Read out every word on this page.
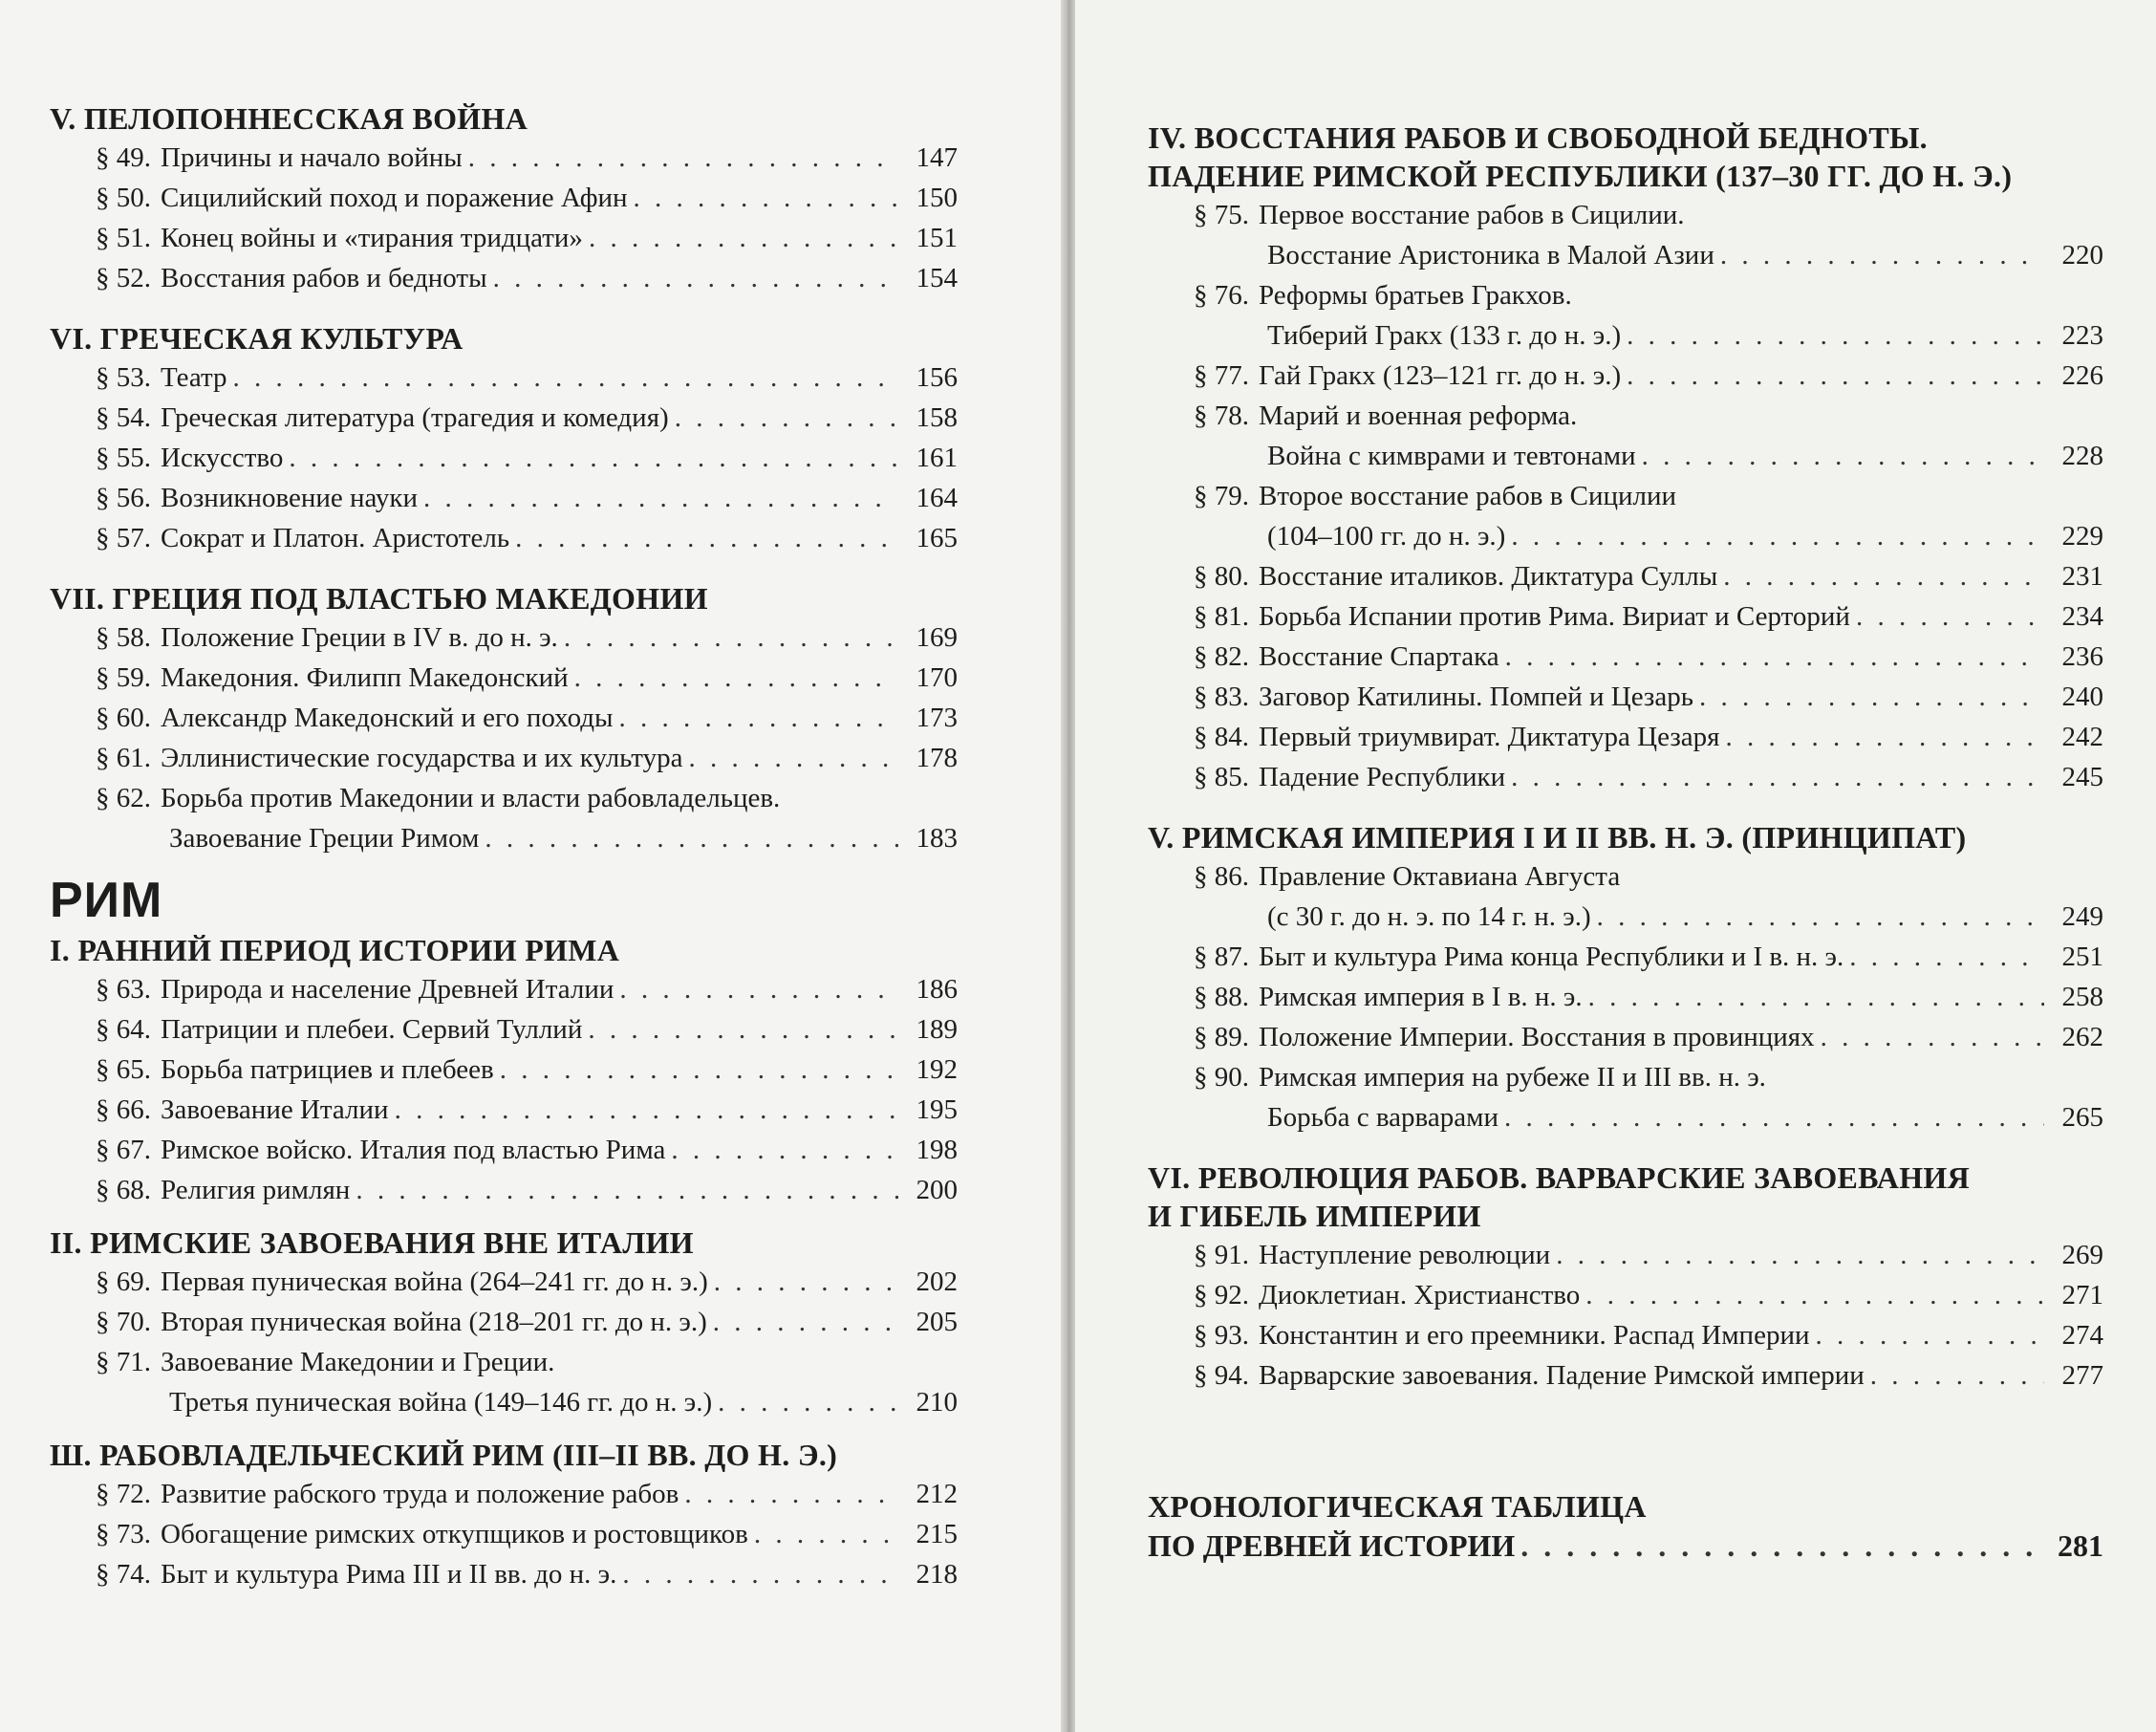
V. ПЕЛОПОННЕССКАЯ ВОЙНА
§ 49. Причины и начало войны . . .	147
§ 50. Сицилийский поход и поражение Афин . . .	150
§ 51. Конец войны и «тирания тридцати» . . .	151
§ 52. Восстания рабов и бедноты . . .	154
VI. ГРЕЧЕСКАЯ КУЛЬТУРА
§ 53. Театр . . .	156
§ 54. Греческая литература (трагедия и комедия) . . .	158
§ 55. Искусство . . .	161
§ 56. Возникновение науки . . .	164
§ 57. Сократ и Платон. Аристотель . . .	165
VII. ГРЕЦИЯ ПОД ВЛАСТЬЮ МАКЕДОНИИ
§ 58. Положение Греции в IV в. до н. э. . . .	169
§ 59. Македония. Филипп Македонский . . .	170
§ 60. Александр Македонский и его походы . . .	173
§ 61. Эллинистические государства и их культура . . .	178
§ 62. Борьба против Македонии и власти рабовладельцев.
Завоевание Греции Римом . . .	183
РИМ
I. РАННИЙ ПЕРИОД ИСТОРИИ РИМА
§ 63. Природа и население Древней Италии . . .	186
§ 64. Патриции и плебеи. Сервий Туллий . . .	189
§ 65. Борьба патрициев и плебеев . . .	192
§ 66. Завоевание Италии . . .	195
§ 67. Римское войско. Италия под властью Рима . . .	198
§ 68. Религия римлян . . .	200
II. РИМСКИЕ ЗАВОЕВАНИЯ ВНЕ ИТАЛИИ
§ 69. Первая пуническая война (264–241 гг. до н. э.) . . .	202
§ 70. Вторая пуническая война (218–201 гг. до н. э.) . . .	205
§ 71. Завоевание Македонии и Греции.
Третья пуническая война (149–146 гг. до н. э.) . . .	210
Ш. РАБОВЛАДЕЛЬЧЕСКИЙ РИМ (III–II ВВ. ДО Н. Э.)
§ 72. Развитие рабского труда и положение рабов . . .	212
§ 73. Обогащение римских откупщиков и ростовщиков . . .	215
§ 74. Быт и культура Рима III и II вв. до н. э. . . .	218
IV. ВОССТАНИЯ РАБОВ И СВОБОДНОЙ БЕДНОТЫ.
ПАДЕНИЕ РИМСКОЙ РЕСПУБЛИКИ (137–30 ГГ. ДО Н. Э.)
§ 75. Первое восстание рабов в Сицилии.
Восстание Аристоника в Малой Азии . . .	220
§ 76. Реформы братьев Гракхов.
Тиберий Гракх (133 г. до н. э.) . . .	223
§ 77. Гай Гракх (123–121 гг. до н. э.) . . .	226
§ 78. Марий и военная реформа.
Война с кимврами и тевтонами . . .	228
§ 79. Второе восстание рабов в Сицилии
(104–100 гг. до н. э.) . . .	229
§ 80. Восстание италиков. Диктатура Суллы . . .	231
§ 81. Борьба Испании против Рима. Вириат и Серторий . . .	234
§ 82. Восстание Спартака . . .	236
§ 83. Заговор Катилины. Помпей и Цезарь . . .	240
§ 84. Первый триумвират. Диктатура Цезаря . . .	242
§ 85. Падение Республики . . .	245
V. РИМСКАЯ ИМПЕРИЯ I И II ВВ. Н. Э. (ПРИНЦИПАТ)
§ 86. Правление Октавиана Августа
(с 30 г. до н. э. по 14 г. н. э.) . . .	249
§ 87. Быт и культура Рима конца Республики и I в. н. э. . . .	251
§ 88. Римская империя в I в. н. э. . . .	258
§ 89. Положение Империи. Восстания в провинциях . . .	262
§ 90. Римская империя на рубеже II и III вв. н. э.
Борьба с варварами . . .	265
VI. РЕВОЛЮЦИЯ РАБОВ. ВАРВАРСКИЕ ЗАВОЕВАНИЯ
И ГИБЕЛЬ ИМПЕРИИ
§ 91. Наступление революции . . .	269
§ 92. Диоклетиан. Христианство . . .	271
§ 93. Константин и его преемники. Распад Империи . . .	274
§ 94. Варварские завоевания. Падение Римской империи . . .	277
ХРОНОЛОГИЧЕСКАЯ ТАБЛИЦА
ПО ДРЕВНЕЙ ИСТОРИИ . . .	281
